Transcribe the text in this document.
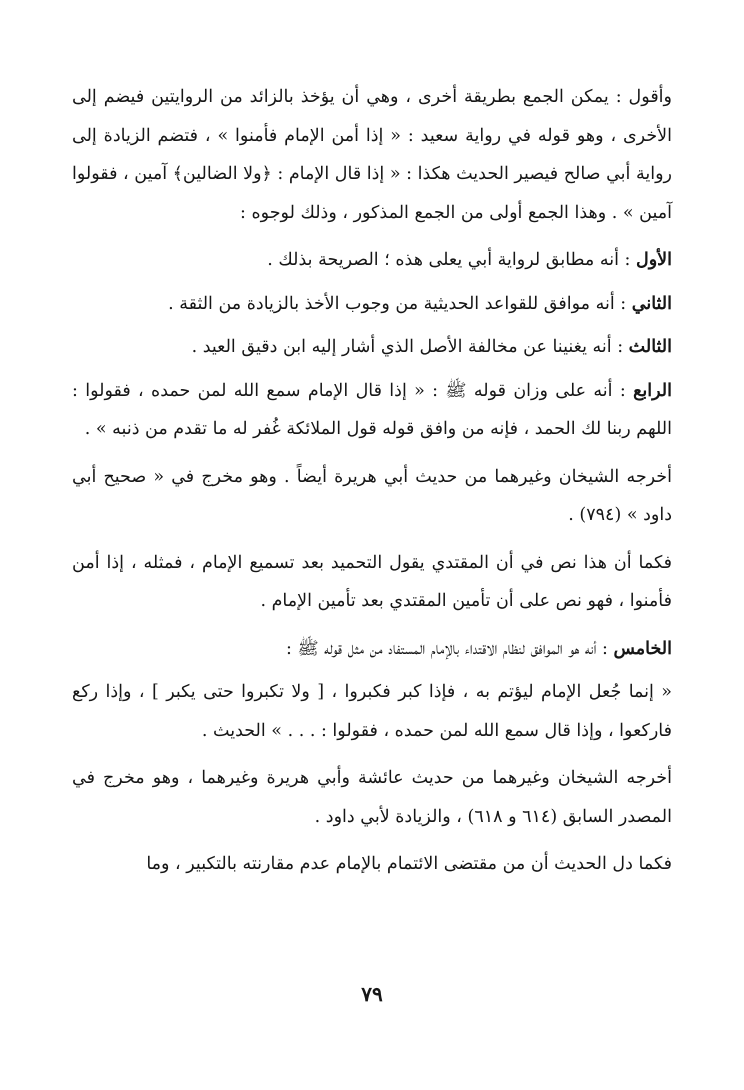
وأقول : يمكن الجمع بطريقة أخرى ، وهي أن يؤخذ بالزائد من الروايتين فيضم إلى الأخرى ، وهو قوله في رواية سعيد : « إذا أمن الإمام فأمنوا » ، فتضم الزيادة إلى رواية أبي صالح فيصير الحديث هكذا : « إذا قال الإمام : ﴿ولا الضالين﴾ آمين ، فقولوا آمين » . وهذا الجمع أولى من الجمع المذكور ، وذلك لوجوه :

الأول : أنه مطابق لرواية أبي يعلى هذه ؛ الصريحة بذلك .

الثاني : أنه موافق للقواعد الحديثية من وجوب الأخذ بالزيادة من الثقة .

الثالث : أنه يغنينا عن مخالفة الأصل الذي أشار إليه ابن دقيق العيد .

الرابع : أنه على وزان قوله ﷺ : « إذا قال الإمام سمع الله لمن حمده ، فقولوا : اللهم ربنا لك الحمد ، فإنه من وافق قوله قول الملائكة غُفر له ما تقدم من ذنبه » .

أخرجه الشيخان وغيرهما من حديث أبي هريرة أيضاً . وهو مخرج في « صحيح أبي داود » (٧٩٤) .

فكما أن هذا نص في أن المقتدي يقول التحميد بعد تسميع الإمام ، فمثله ، إذا أمن فأمنوا ، فهو نص على أن تأمين المقتدي بعد تأمين الإمام .

الخامس : أنه هو الموافق لنظام الاقتداء بالإمام المستفاد من مثل قوله ﷺ :

« إنما جُعل الإمام ليؤتم به ، فإذا كبر فكبروا ، [ ولا تكبروا حتى يكبر ] ، وإذا ركع فاركعوا ، وإذا قال سمع الله لمن حمده ، فقولوا : . . . » الحديث .

أخرجه الشيخان وغيرهما من حديث عائشة وأبي هريرة وغيرهما ، وهو مخرج في المصدر السابق (٦١٤ و ٦١٨) ، والزيادة لأبي داود .

فكما دل الحديث أن من مقتضى الائتمام بالإمام عدم مقارنته بالتكبير ، وما

٧٩
